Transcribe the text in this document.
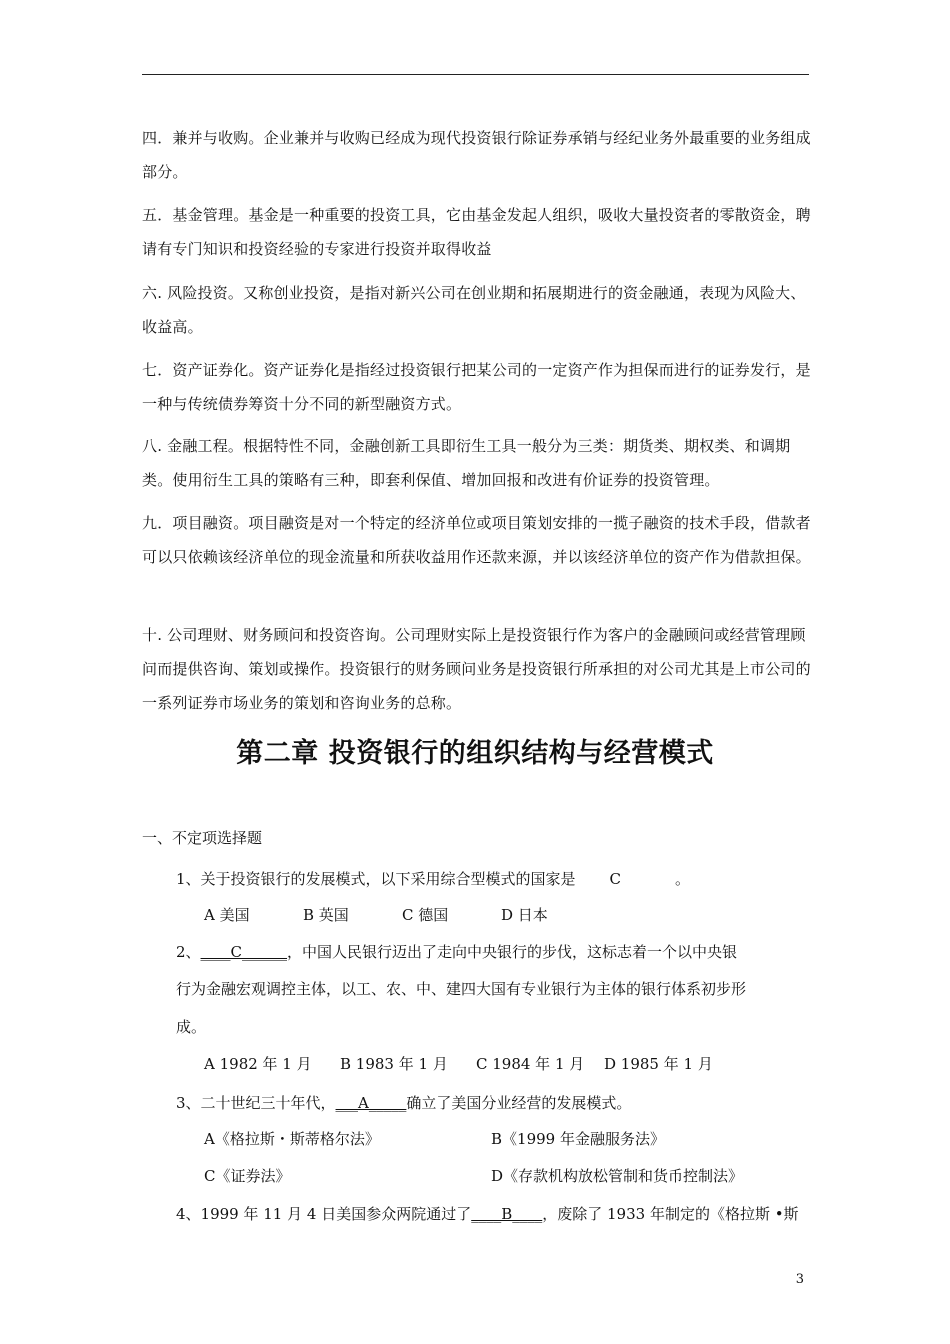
四．兼并与收购。企业兼并与收购已经成为现代投资银行除证券承销与经纪业务外最重要的业务组成部分。

五．基金管理。基金是一种重要的投资工具，它由基金发起人组织，吸收大量投资者的零散资金，聘请有专门知识和投资经验的专家进行投资并取得收益

六. 风险投资。又称创业投资，是指对新兴公司在创业期和拓展期进行的资金融通，表现为风险大、收益高。

七．资产证券化。资产证券化是指经过投资银行把某公司的一定资产作为担保而进行的证券发行，是一种与传统债券筹资十分不同的新型融资方式。

八. 金融工程。根据特性不同，金融创新工具即衍生工具一般分为三类：期货类、期权类、和调期类。使用衍生工具的策略有三种，即套利保值、增加回报和改进有价证券的投资管理。

九．项目融资。项目融资是对一个特定的经济单位或项目策划安排的一揽子融资的技术手段，借款者可以只依赖该经济单位的现金流量和所获收益用作还款来源，并以该经济单位的资产作为借款担保。

十. 公司理财、财务顾问和投资咨询。公司理财实际上是投资银行作为客户的金融顾问或经营管理顾问而提供咨询、策划或操作。投资银行的财务顾问业务是投资银行所承担的对公司尤其是上市公司的一系列证券市场业务的策划和咨询业务的总称。

第二章 投资银行的组织结构与经营模式

一、不定项选择题

1、关于投资银行的发展模式，以下采用综合型模式的国家是 C	。

A 美国	B 英国	C 德国	D 日本

2、____C______，中国人民银行迈出了走向中央银行的步伐，这标志着一个以中央银

行为金融宏观调控主体，以工、农、中、建四大国有专业银行为主体的银行体系初步形

成。

A 1982 年 1 月 B 1983 年 1 月 C 1984 年 1 月 D 1985 年 1 月

3、二十世纪三十年代，___A_____确立了美国分业经营的发展模式。

A《格拉斯・斯蒂格尔法》	B《1999 年金融服务法》
C《证券法》	D《存款机构放松管制和货币控制法》

4、1999 年 11 月 4 日美国参众两院通过了____B____，废除了 1933 年制定的《格拉斯 •斯

3
